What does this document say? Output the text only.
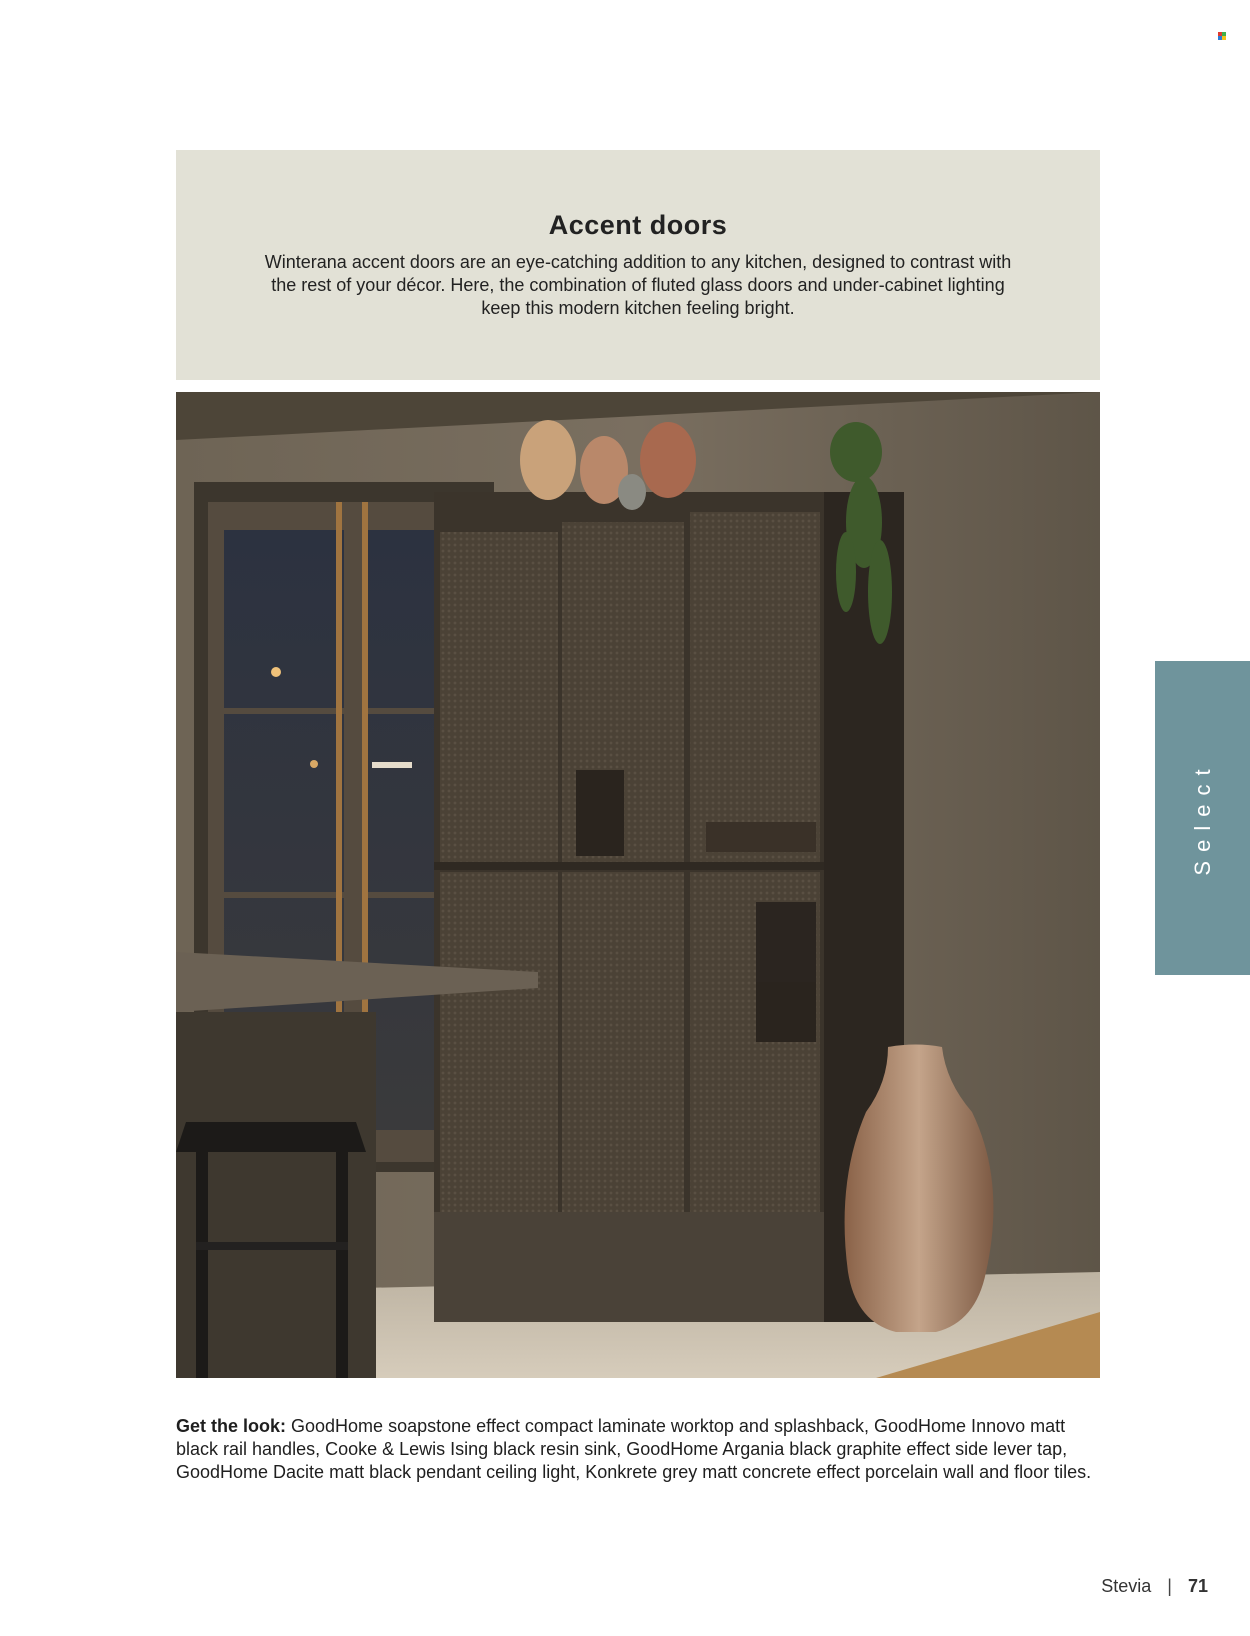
Accent doors

Winterana accent doors are an eye-catching addition to any kitchen, designed to contrast with the rest of your décor. Here, the combination of fluted glass doors and under-cabinet lighting keep this modern kitchen feeling bright.

Get the look: GoodHome soapstone effect compact laminate worktop and splashback, GoodHome Innovo matt black rail handles, Cooke & Lewis Ising black resin sink, GoodHome Argania black graphite effect side lever tap, GoodHome Dacite matt black pendant ceiling light, Konkrete grey matt concrete effect porcelain wall and floor tiles.

Select
Stevia | 71
